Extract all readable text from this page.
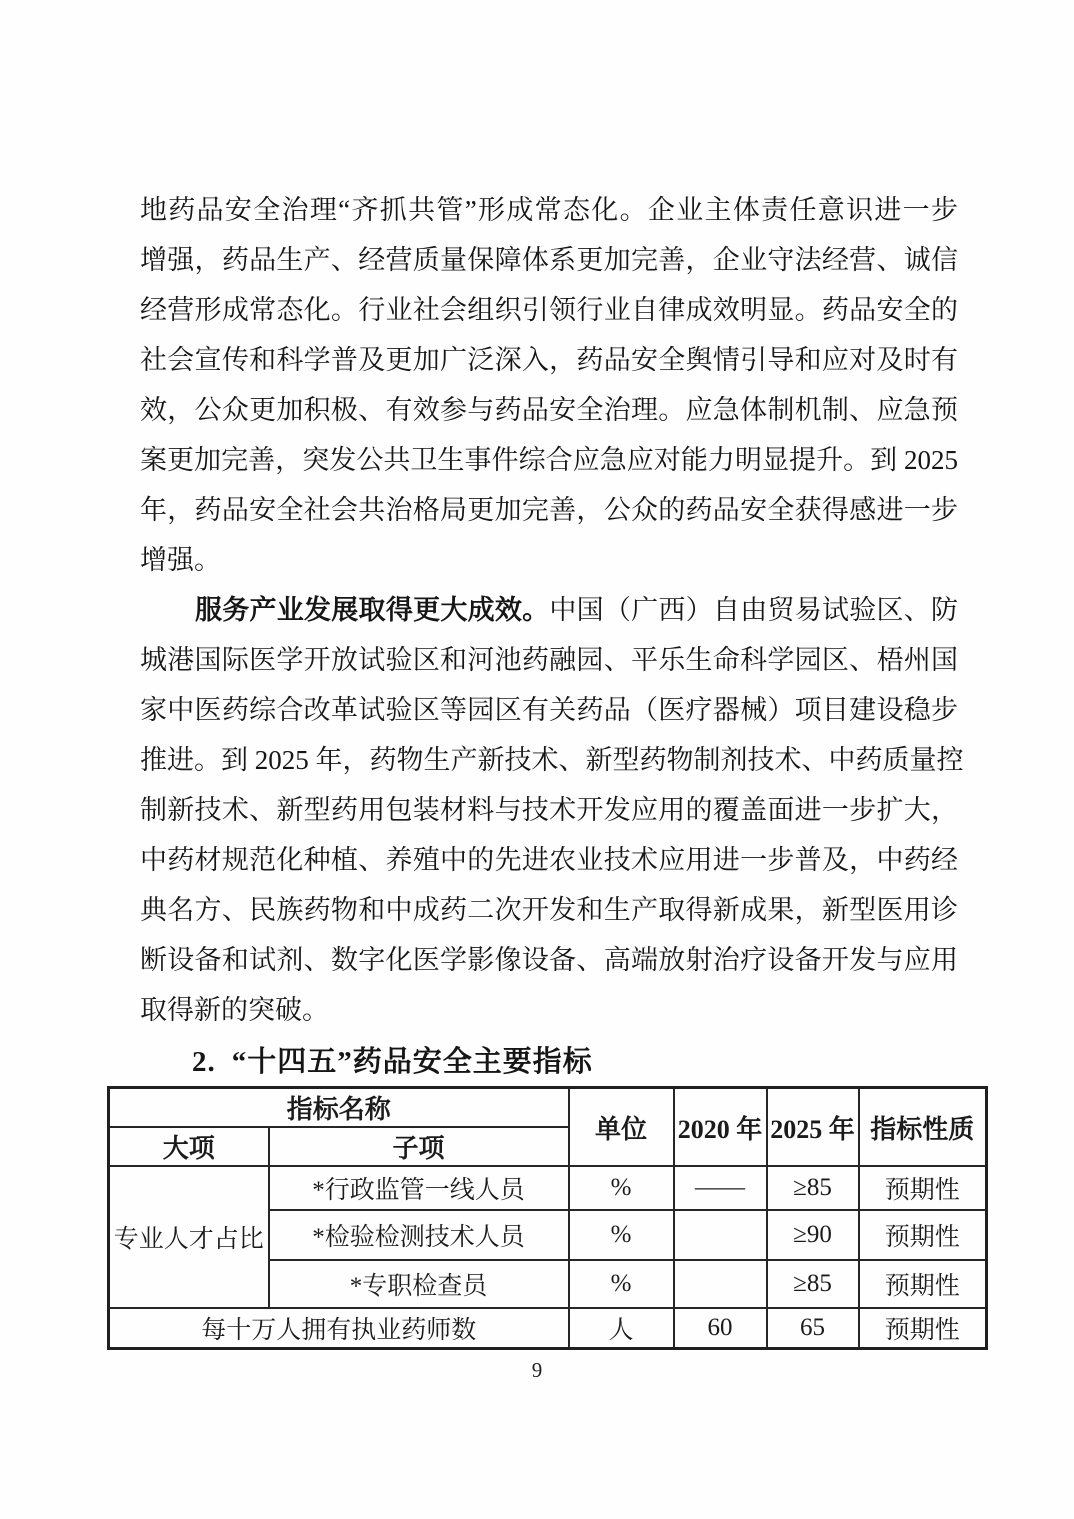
地药品安全治理“齐抓共管”形成常态化。企业主体责任意识进一步
增强，药品生产、经营质量保障体系更加完善，企业守法经营、诚信
经营形成常态化。行业社会组织引领行业自律成效明显。药品安全的
社会宣传和科学普及更加广泛深入，药品安全舆情引导和应对及时有
效，公众更加积极、有效参与药品安全治理。应急体制机制、应急预
案更加完善，突发公共卫生事件综合应急应对能力明显提升。到 2025
年，药品安全社会共治格局更加完善，公众的药品安全获得感进一步
增强。
服务产业发展取得更大成效。中国（广西）自由贸易试验区、防
城港国际医学开放试验区和河池药融园、平乐生命科学园区、梧州国
家中医药综合改革试验区等园区有关药品（医疗器械）项目建设稳步
推进。到 2025 年，药物生产新技术、新型药物制剂技术、中药质量控
制新技术、新型药用包装材料与技术开发应用的覆盖面进一步扩大，
中药材规范化种植、养殖中的先进农业技术应用进一步普及，中药经
典名方、民族药物和中成药二次开发和生产取得新成果，新型医用诊
断设备和试剂、数字化医学影像设备、高端放射治疗设备开发与应用
取得新的突破。
2. “十四五”药品安全主要指标
指标名称		单位	2020 年	2025 年	指标性质
大项	子项				
专业人才占比	*行政监管一线人员	%	——	≥85	预期性
	*检验检测技术人员	%		≥90	预期性
	*专职检查员	%		≥85	预期性
每十万人拥有执业药师数		人	60	65	预期性
9
